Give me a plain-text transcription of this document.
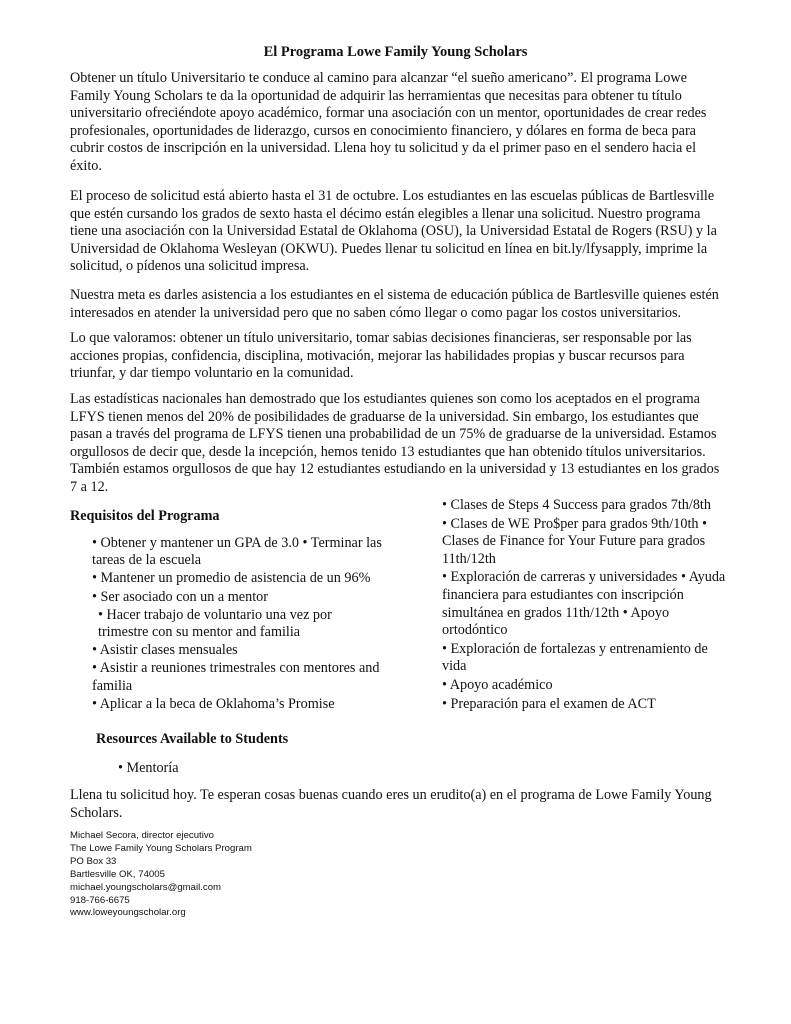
El Programa Lowe Family Young Scholars

Obtener un título Universitario te conduce al camino para alcanzar “el sueño americano”. El programa Lowe Family Young Scholars te da la oportunidad de adquirir las herramientas que necesitas para obtener tu título universitario ofreciéndote apoyo académico, formar una asociación con un mentor, oportunidades de crear redes profesionales, oportunidades de liderazgo, cursos en conocimiento financiero, y dólares en forma de beca para cubrir costos de inscripción en la universidad. Llena hoy tu solicitud y da el primer paso en el sendero hacia el éxito.

El proceso de solicitud está abierto hasta el 31 de octubre. Los estudiantes en las escuelas públicas de Bartlesville que estén cursando los grados de sexto hasta el décimo están elegibles a llenar una solicitud. Nuestro programa tiene una asociación con la Universidad Estatal de Oklahoma (OSU), la Universidad Estatal de Rogers (RSU) y la Universidad de Oklahoma Wesleyan (OKWU). Puedes llenar tu solicitud en línea en bit.ly/lfysapply, imprime la solicitud, o pídenos una solicitud impresa.

Nuestra meta es darles asistencia a los estudiantes en el sistema de educación pública de Bartlesville quienes estén interesados en atender la universidad pero que no saben cómo llegar o como pagar los costos universitarios.

Lo que valoramos: obtener un título universitario, tomar sabias decisiones financieras, ser responsable por las acciones propias, confidencia, disciplina, motivación, mejorar las habilidades propias y buscar recursos para triunfar, y dar tiempo voluntario en la comunidad.

Las estadísticas nacionales han demostrado que los estudiantes quienes son como los aceptados en el programa LFYS tienen menos del 20% de posibilidades de graduarse de la universidad. Sin embargo, los estudiantes que pasan a través del programa de LFYS tienen una probabilidad de un 75% de graduarse de la universidad. Estamos orgullosos de decir que, desde la incepción, hemos tenido 13 estudiantes que han obtenido títulos universitarios. También estamos orgullosos de que hay 12 estudiantes estudiando en la universidad y 13 estudiantes en los grados 7 a 12.

Requisitos del Programa
• Obtener y mantener un GPA de 3.0 • Terminar las tareas de la escuela
• Mantener un promedio de asistencia de un 96%
• Ser asociado con un a mentor
• Hacer trabajo de voluntario una vez por trimestre con su mentor and familia
• Asistir clases mensuales
• Asistir a reuniones trimestrales con mentores and familia
• Aplicar a la beca de Oklahoma’s Promise
Resources Available to Students
• Mentoría
• Clases de Steps 4 Success para grados 7th/8th
• Clases de WE Pro$per para grados 9th/10th • Clases de Finance for Your Future para grados 11th/12th
• Exploración de carreras y universidades • Ayuda financiera para estudiantes con inscripción simultánea en grados 11th/12th • Apoyo ortodóntico
• Exploración de fortalezas y entrenamiento de vida
• Apoyo académico
• Preparación para el examen de ACT

Llena tu solicitud hoy. Te esperan cosas buenas cuando eres un erudito(a) en el programa de Lowe Family Young Scholars.

Michael Secora, director ejecutivo
The Lowe Family Young Scholars Program
PO Box 33
Bartlesville OK, 74005
michael.youngscholars@gmail.com
918-766-6675
www.loweyoungscholar.org
